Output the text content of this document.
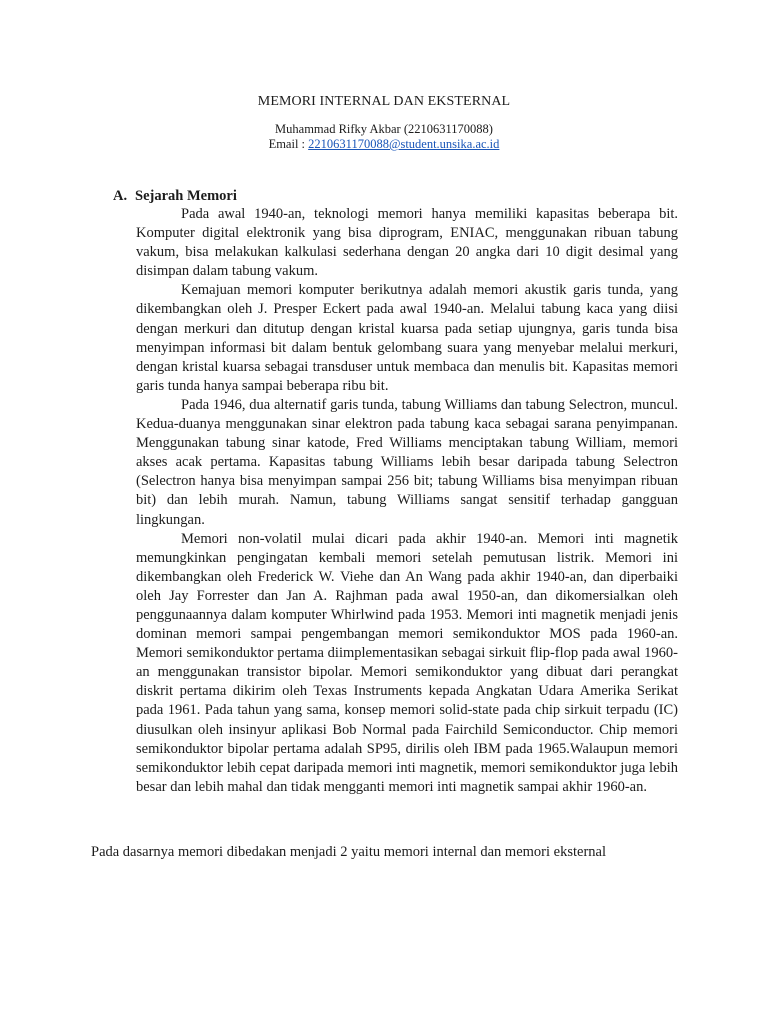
MEMORI INTERNAL DAN EKSTERNAL
Muhammad Rifky Akbar (2210631170088)
Email : 2210631170088@student.unsika.ac.id
A. Sejarah Memori

Pada awal 1940-an, teknologi memori hanya memiliki kapasitas beberapa bit. Komputer digital elektronik yang bisa diprogram, ENIAC, menggunakan ribuan tabung vakum, bisa melakukan kalkulasi sederhana dengan 20 angka dari 10 digit desimal yang disimpan dalam tabung vakum.

Kemajuan memori komputer berikutnya adalah memori akustik garis tunda, yang dikembangkan oleh J. Presper Eckert pada awal 1940-an. Melalui tabung kaca yang diisi dengan merkuri dan ditutup dengan kristal kuarsa pada setiap ujungnya, garis tunda bisa menyimpan informasi bit dalam bentuk gelombang suara yang menyebar melalui merkuri, dengan kristal kuarsa sebagai transduser untuk membaca dan menulis bit. Kapasitas memori garis tunda hanya sampai beberapa ribu bit.

Pada 1946, dua alternatif garis tunda, tabung Williams dan tabung Selectron, muncul. Kedua-duanya menggunakan sinar elektron pada tabung kaca sebagai sarana penyimpanan. Menggunakan tabung sinar katode, Fred Williams menciptakan tabung William, memori akses acak pertama. Kapasitas tabung Williams lebih besar daripada tabung Selectron (Selectron hanya bisa menyimpan sampai 256 bit; tabung Williams bisa menyimpan ribuan bit) dan lebih murah. Namun, tabung Williams sangat sensitif terhadap gangguan lingkungan.

Memori non-volatil mulai dicari pada akhir 1940-an. Memori inti magnetik memungkinkan pengingatan kembali memori setelah pemutusan listrik. Memori ini dikembangkan oleh Frederick W. Viehe dan An Wang pada akhir 1940-an, dan diperbaiki oleh Jay Forrester dan Jan A. Rajhman pada awal 1950-an, dan dikomersialkan oleh penggunaannya dalam komputer Whirlwind pada 1953. Memori inti magnetik menjadi jenis dominan memori sampai pengembangan memori semikonduktor MOS pada 1960-an. Memori semikonduktor pertama diimplementasikan sebagai sirkuit flip-flop pada awal 1960-an menggunakan transistor bipolar. Memori semikonduktor yang dibuat dari perangkat diskrit pertama dikirim oleh Texas Instruments kepada Angkatan Udara Amerika Serikat pada 1961. Pada tahun yang sama, konsep memori solid-state pada chip sirkuit terpadu (IC) diusulkan oleh insinyur aplikasi Bob Normal pada Fairchild Semiconductor. Chip memori semikonduktor bipolar pertama adalah SP95, dirilis oleh IBM pada 1965.Walaupun memori semikonduktor lebih cepat daripada memori inti magnetik, memori semikonduktor juga lebih besar dan lebih mahal dan tidak mengganti memori inti magnetik sampai akhir 1960-an.

Pada dasarnya memori dibedakan menjadi 2 yaitu memori internal dan memori eksternal
